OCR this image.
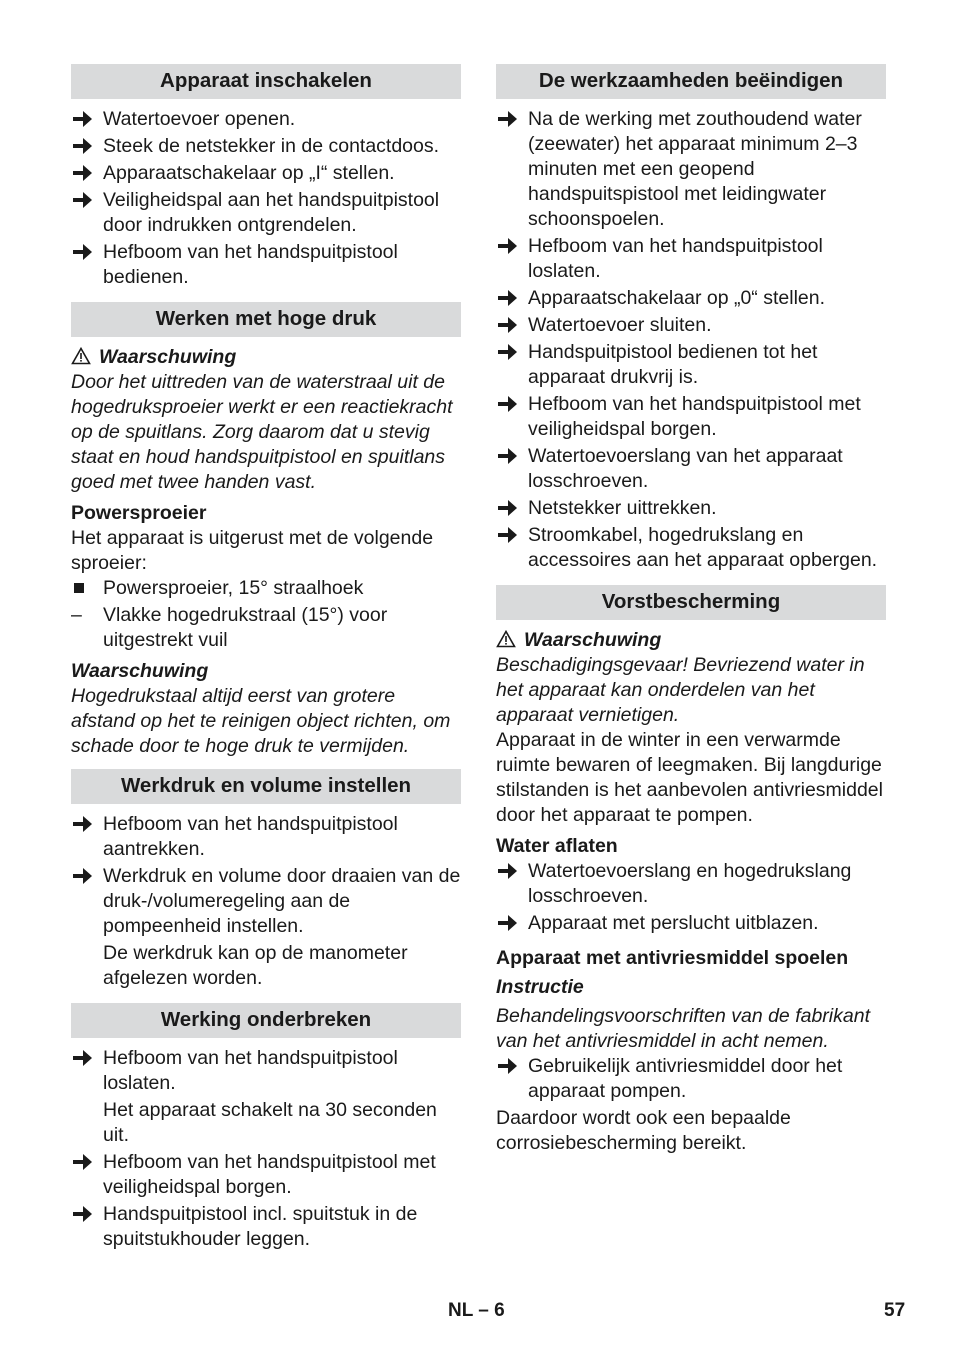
Apparaat inschakelen
Watertoevoer openen.
Steek de netstekker in de contactdoos.
Apparaatschakelaar op „I“ stellen.
Veiligheidspal aan het handspuitpistool door indrukken ontgrendelen.
Hefboom van het handspuitpistool bedienen.
Werken met hoge druk
Waarschuwing

Door het uittreden van de waterstraal uit de hogedruksproeier werkt er een reactiekracht op de spuitlans. Zorg daarom dat u stevig staat en houd handspuitpistool en spuitlans goed met twee handen vast.

Powersproeier

Het apparaat is uitgerust met de volgende sproeier:

Powersproeier, 15° straalhoek
– Vlakke hogedrukstraal (15°) voor uitgestrekt vuil
Waarschuwing

Hogedrukstaal altijd eerst van grotere afstand op het te reinigen object richten, om schade door te hoge druk te vermijden.

Werkdruk en volume instellen
Hefboom van het handspuitpistool aantrekken.
Werkdruk en volume door draaien van de druk-/volumeregeling aan de pompeenheid instellen.
De werkdruk kan op de manometer afgelezen worden.
Werking onderbreken
Hefboom van het handspuitpistool loslaten.
Het apparaat schakelt na 30 seconden uit.
Hefboom van het handspuitpistool met veiligheidspal borgen.
Handspuitpistool incl. spuitstuk in de spuitstukhouder leggen.
De werkzaamheden beëindigen
Na de werking met zouthoudend water (zeewater) het apparaat minimum 2–3 minuten met een geopend handspuitspistool met leidingwater schoonspoelen.
Hefboom van het handspuitpistool loslaten.
Apparaatschakelaar op „0“ stellen.
Watertoevoer sluiten.
Handspuitpistool bedienen tot het apparaat drukvrij is.
Hefboom van het handspuitpistool met veiligheidspal borgen.
Watertoevoerslang van het apparaat losschroeven.
Netstekker uittrekken.
Stroomkabel, hogedrukslang en accessoires aan het apparaat opbergen.
Vorstbescherming
Waarschuwing

Beschadigingsgevaar! Bevriezend water in het apparaat kan onderdelen van het apparaat vernietigen.

Apparaat in de winter in een verwarmde ruimte bewaren of leegmaken. Bij langdurige stilstanden is het aanbevolen antivriesmiddel door het apparaat te pompen.

Water aflaten
Watertoevoerslang en hogedrukslang losschroeven.
Apparaat met perslucht uitblazen.
Apparaat met antivriesmiddel spoelen
Instructie

Behandelingsvoorschriften van de fabrikant van het antivriesmiddel in acht nemen.

Gebruikelijk antivriesmiddel door het apparaat pompen.

Daardoor wordt ook een bepaalde corrosiebescherming bereikt.

NL – 6	57
